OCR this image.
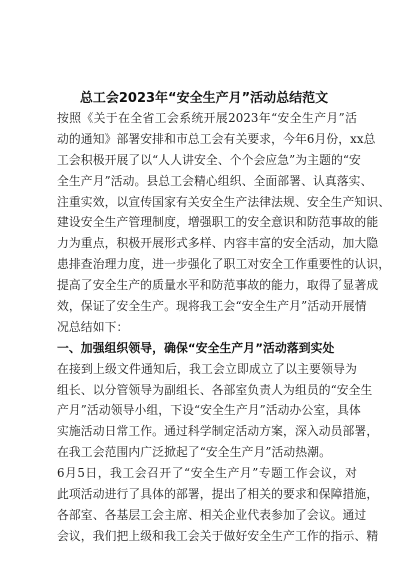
总工会2023年“安全生产月”活动总结范文
按照《关于在全省工会系统开展2023年“安全生产月”活
动的通知》部署安排和市总工会有关要求，今年6月份，xx总
工会积极开展了以“人人讲安全、个个会应急”为主题的“安
全生产月”活动。县总工会精心组织、全面部署、认真落实、
注重实效，以宣传国家有关安全生产法律法规、安全生产知识、
建设安全生产管理制度，增强职工的安全意识和防范事故的能
力为重点，积极开展形式多样、内容丰富的安全活动，加大隐
患排查治理力度，进一步强化了职工对安全工作重要性的认识，
提高了安全生产的质量水平和防范事故的能力，取得了显著成
效，保证了安全生产。现将我工会“安全生产月”活动开展情
况总结如下：
一、加强组织领导，确保“安全生产月”活动落到实处
在接到上级文件通知后，我工会立即成立了以主要领导为
组长、以分管领导为副组长、各部室负责人为组员的“安全生
产月”活动领导小组，下设“安全生产月”活动办公室，具体
实施活动日常工作。通过科学制定活动方案，深入动员部署，
在我工会范围内广泛掀起了“安全生产月”活动热潮。
6月5日，我工会召开了“安全生产月”专题工作会议，对
此项活动进行了具体的部署，提出了相关的要求和保障措施，
各部室、各基层工会主席、相关企业代表参加了会议。通过
会议，我们把上级和我工会关于做好安全生产工作的指示、精
